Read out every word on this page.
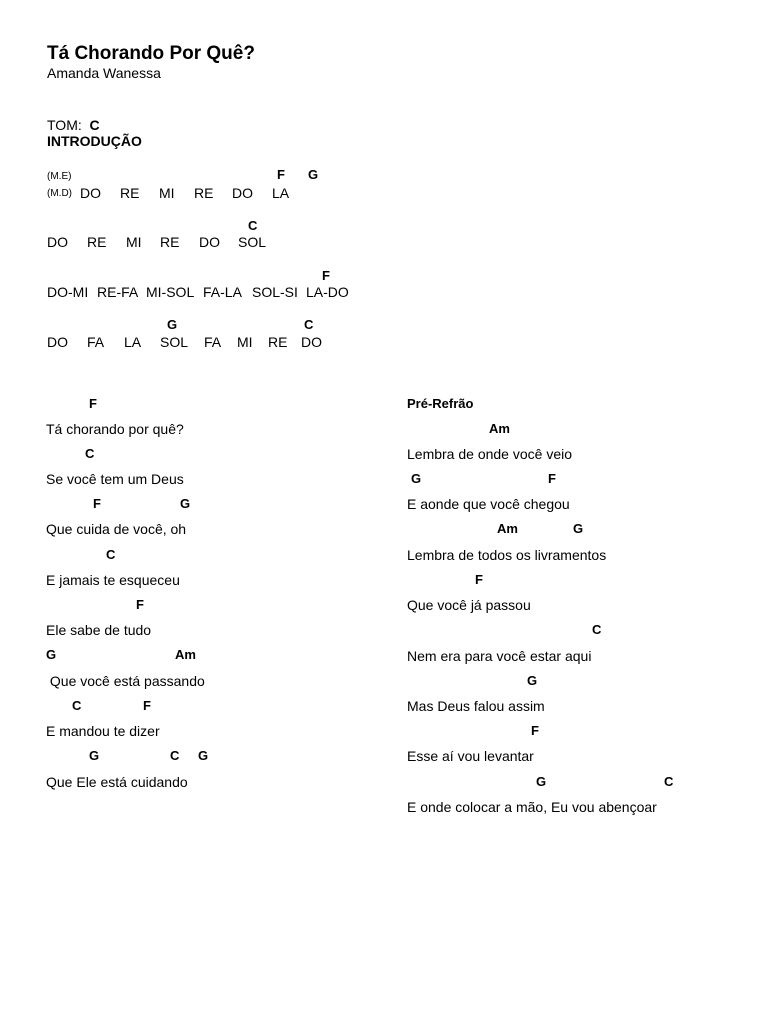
Tá Chorando Por Quê?
Amanda Wanessa
TOM: C
INTRODUÇÃO
F G
(M.E)
(M.D) DO RE MI RE DO LA
C
DO RE MI RE DO SOL
F
DO-MI RE-FA MI-SOL FA-LA SOL-SI LA-DO
G	C
DO FA LA SOL FA MI RE DO
F
Tá chorando por quê?
C
Se você tem um Deus
F	G
Que cuida de você, oh
C
E jamais te esqueceu
F
Ele sabe de tudo
G	Am
Que você está passando
C	F
E mandou te dizer
G	C G
Que Ele está cuidando
Pré-Refrão
Am
Lembra de onde você veio
G	F
E aonde que você chegou
Am	G
Lembra de todos os livramentos
F
Que você já passou
C
Nem era para você estar aqui
G
Mas Deus falou assim
F
Esse aí vou levantar
G	C
E onde colocar a mão, Eu vou abençoar
